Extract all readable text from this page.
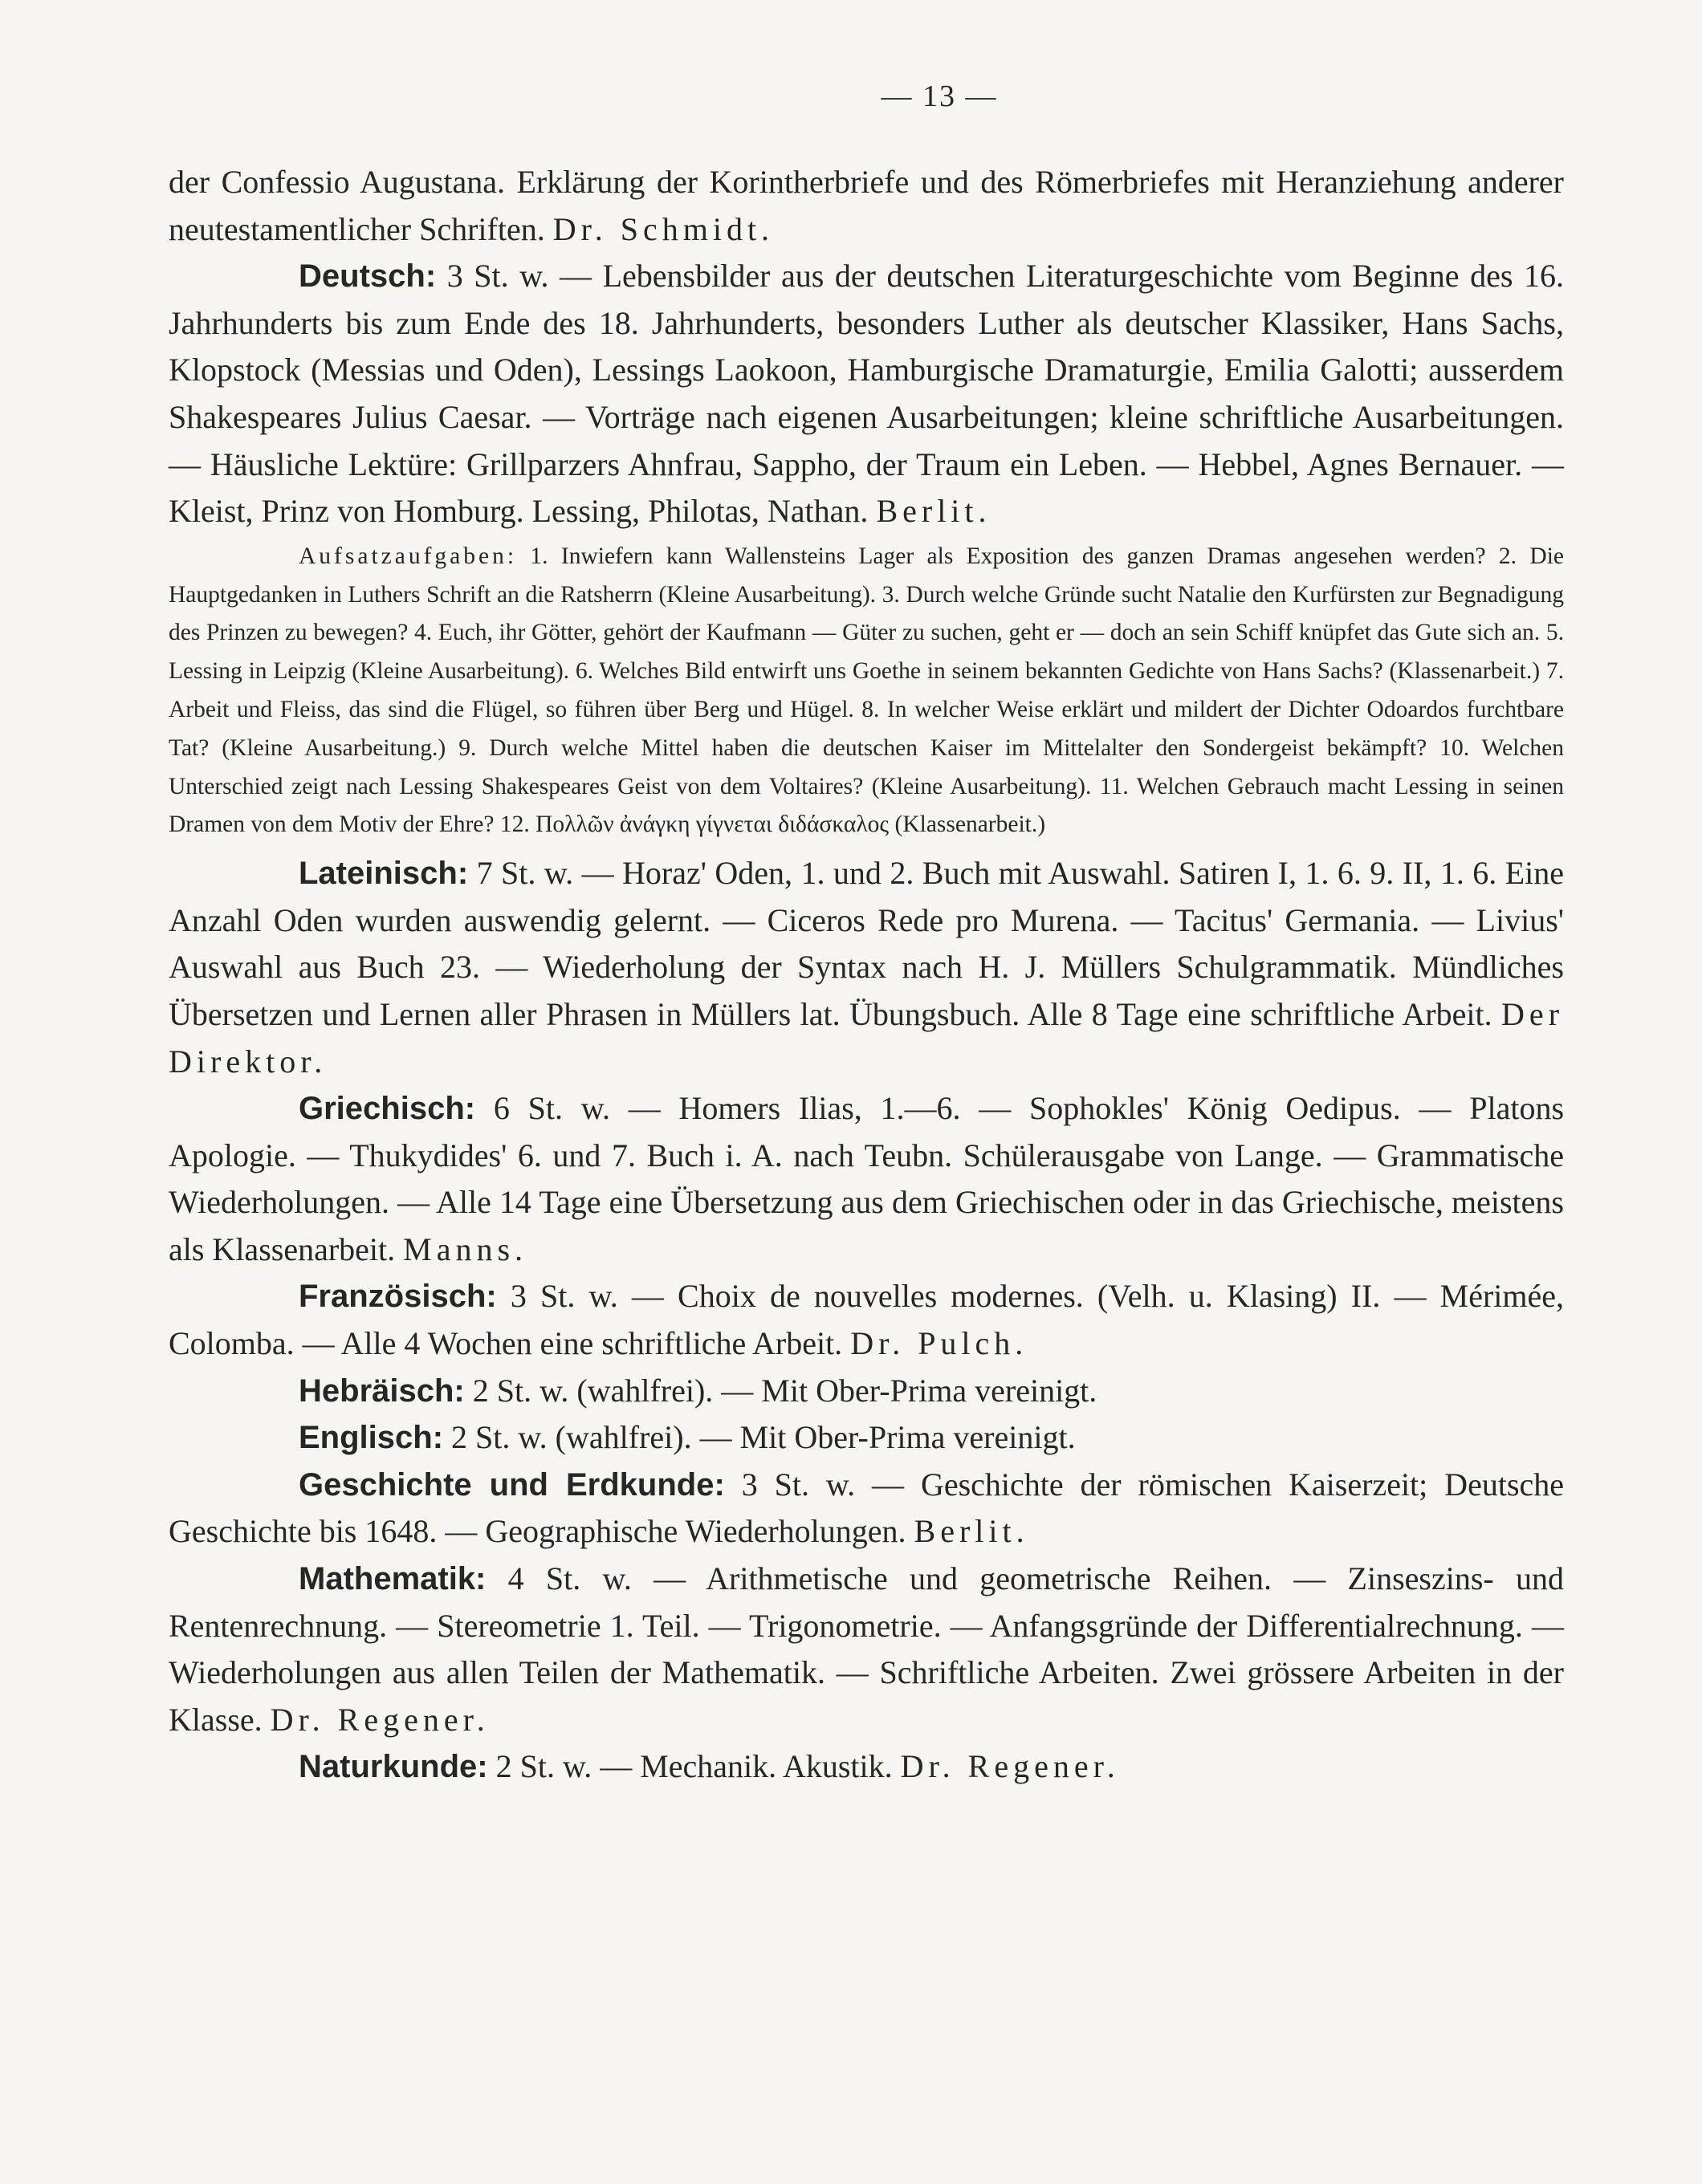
— 13 —

der Confessio Augustana. Erklärung der Korintherbriefe und des Römerbriefes mit Heranziehung anderer neutestamentlicher Schriften. Dr. Schmidt.

Deutsch: 3 St. w. — Lebensbilder aus der deutschen Literaturgeschichte vom Beginne des 16. Jahrhunderts bis zum Ende des 18. Jahrhunderts, besonders Luther als deutscher Klassiker, Hans Sachs, Klopstock (Messias und Oden), Lessings Laokoon, Hamburgische Dramaturgie, Emilia Galotti; ausserdem Shakespeares Julius Caesar. — Vorträge nach eigenen Ausarbeitungen; kleine schriftliche Ausarbeitungen. — Häusliche Lektüre: Grillparzers Ahnfrau, Sappho, der Traum ein Leben. — Hebbel, Agnes Bernauer. — Kleist, Prinz von Homburg. Lessing, Philotas, Nathan. Berlit.

Aufsatzaufgaben: 1. Inwiefern kann Wallensteins Lager als Exposition des ganzen Dramas angesehen werden? 2. Die Hauptgedanken in Luthers Schrift an die Ratsherrn (Kleine Ausarbeitung). 3. Durch welche Gründe sucht Natalie den Kurfürsten zur Begnadigung des Prinzen zu bewegen? 4. Euch, ihr Götter, gehört der Kaufmann — Güter zu suchen, geht er — doch an sein Schiff knüpfet das Gute sich an. 5. Lessing in Leipzig (Kleine Ausarbeitung). 6. Welches Bild entwirft uns Goethe in seinem bekannten Gedichte von Hans Sachs? (Klassenarbeit.) 7. Arbeit und Fleiss, das sind die Flügel, so führen über Berg und Hügel. 8. In welcher Weise erklärt und mildert der Dichter Odoardos furchtbare Tat? (Kleine Ausarbeitung.) 9. Durch welche Mittel haben die deutschen Kaiser im Mittelalter den Sondergeist bekämpft? 10. Welchen Unterschied zeigt nach Lessing Shakespeares Geist von dem Voltaires? (Kleine Ausarbeitung). 11. Welchen Gebrauch macht Lessing in seinen Dramen von dem Motiv der Ehre? 12. Πολλῶν ἀνάγκη γίγνεται διδάσκαλος (Klassenarbeit.)

Lateinisch: 7 St. w. — Horaz' Oden, 1. und 2. Buch mit Auswahl. Satiren I, 1. 6. 9. II, 1. 6. Eine Anzahl Oden wurden auswendig gelernt. — Ciceros Rede pro Murena. — Tacitus' Germania. — Livius' Auswahl aus Buch 23. — Wiederholung der Syntax nach H. J. Müllers Schulgrammatik. Mündliches Übersetzen und Lernen aller Phrasen in Müllers lat. Übungsbuch. Alle 8 Tage eine schriftliche Arbeit. Der Direktor.

Griechisch: 6 St. w. — Homers Ilias, 1.—6. — Sophokles' König Oedipus. — Platons Apologie. — Thukydides' 6. und 7. Buch i. A. nach Teubn. Schülerausgabe von Lange. — Grammatische Wiederholungen. — Alle 14 Tage eine Übersetzung aus dem Griechischen oder in das Griechische, meistens als Klassenarbeit. Manns.

Französisch: 3 St. w. — Choix de nouvelles modernes. (Velh. u. Klasing) II. — Mérimée, Colomba. — Alle 4 Wochen eine schriftliche Arbeit. Dr. Pulch.

Hebräisch: 2 St. w. (wahlfrei). — Mit Ober-Prima vereinigt.

Englisch: 2 St. w. (wahlfrei). — Mit Ober-Prima vereinigt.

Geschichte und Erdkunde: 3 St. w. — Geschichte der römischen Kaiserzeit; Deutsche Geschichte bis 1648. — Geographische Wiederholungen. Berlit.

Mathematik: 4 St. w. — Arithmetische und geometrische Reihen. — Zinseszins- und Rentenrechnung. — Stereometrie 1. Teil. — Trigonometrie. — Anfangsgründe der Differentialrechnung. — Wiederholungen aus allen Teilen der Mathematik. — Schriftliche Arbeiten. Zwei grössere Arbeiten in der Klasse. Dr. Regener.

Naturkunde: 2 St. w. — Mechanik. Akustik. Dr. Regener.
